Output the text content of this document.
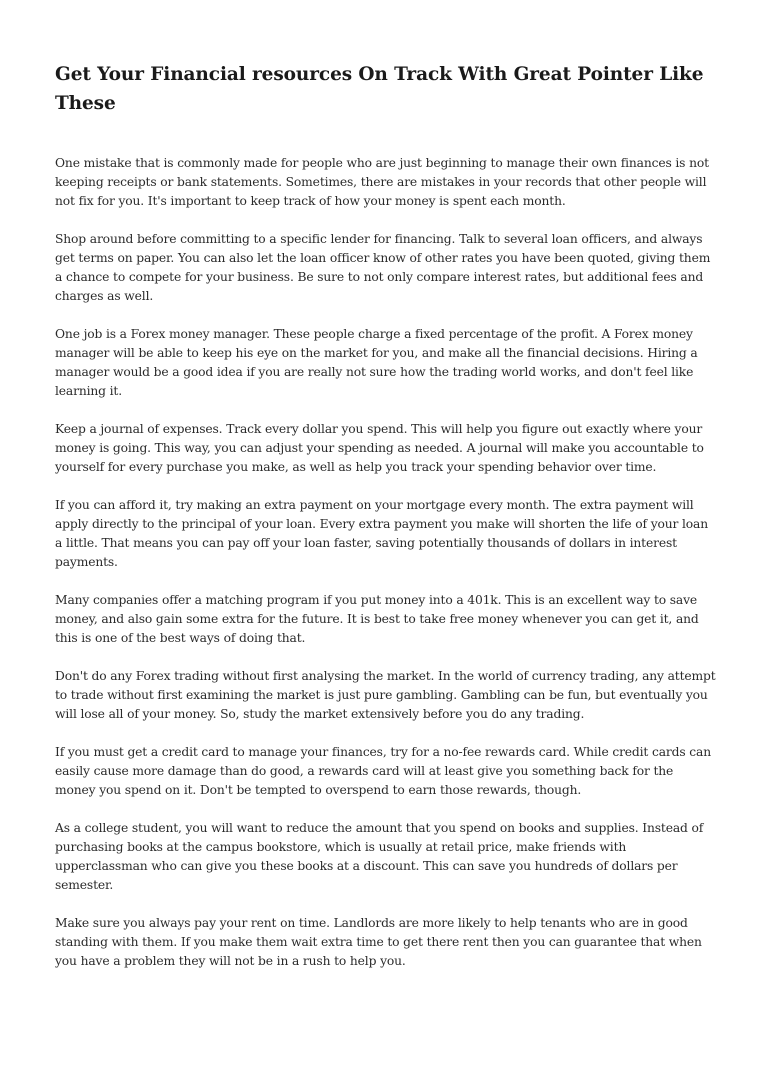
Get Your Financial resources On Track With Great Pointer Like These

One mistake that is commonly made for people who are just beginning to manage their own finances is not keeping receipts or bank statements. Sometimes, there are mistakes in your records that other people will not fix for you. It's important to keep track of how your money is spent each month.

Shop around before committing to a specific lender for financing. Talk to several loan officers, and always get terms on paper. You can also let the loan officer know of other rates you have been quoted, giving them a chance to compete for your business. Be sure to not only compare interest rates, but additional fees and charges as well.

One job is a Forex money manager. These people charge a fixed percentage of the profit. A Forex money manager will be able to keep his eye on the market for you, and make all the financial decisions. Hiring a manager would be a good idea if you are really not sure how the trading world works, and don't feel like learning it.

Keep a journal of expenses. Track every dollar you spend. This will help you figure out exactly where your money is going. This way, you can adjust your spending as needed. A journal will make you accountable to yourself for every purchase you make, as well as help you track your spending behavior over time.

If you can afford it, try making an extra payment on your mortgage every month. The extra payment will apply directly to the principal of your loan. Every extra payment you make will shorten the life of your loan a little. That means you can pay off your loan faster, saving potentially thousands of dollars in interest payments.

Many companies offer a matching program if you put money into a 401k. This is an excellent way to save money, and also gain some extra for the future. It is best to take free money whenever you can get it, and this is one of the best ways of doing that.

Don't do any Forex trading without first analysing the market. In the world of currency trading, any attempt to trade without first examining the market is just pure gambling. Gambling can be fun, but eventually you will lose all of your money. So, study the market extensively before you do any trading.

If you must get a credit card to manage your finances, try for a no-fee rewards card. While credit cards can easily cause more damage than do good, a rewards card will at least give you something back for the money you spend on it. Don't be tempted to overspend to earn those rewards, though.

As a college student, you will want to reduce the amount that you spend on books and supplies. Instead of purchasing books at the campus bookstore, which is usually at retail price, make friends with upperclassman who can give you these books at a discount. This can save you hundreds of dollars per semester.

Make sure you always pay your rent on time. Landlords are more likely to help tenants who are in good standing with them. If you make them wait extra time to get there rent then you can guarantee that when you have a problem they will not be in a rush to help you.
